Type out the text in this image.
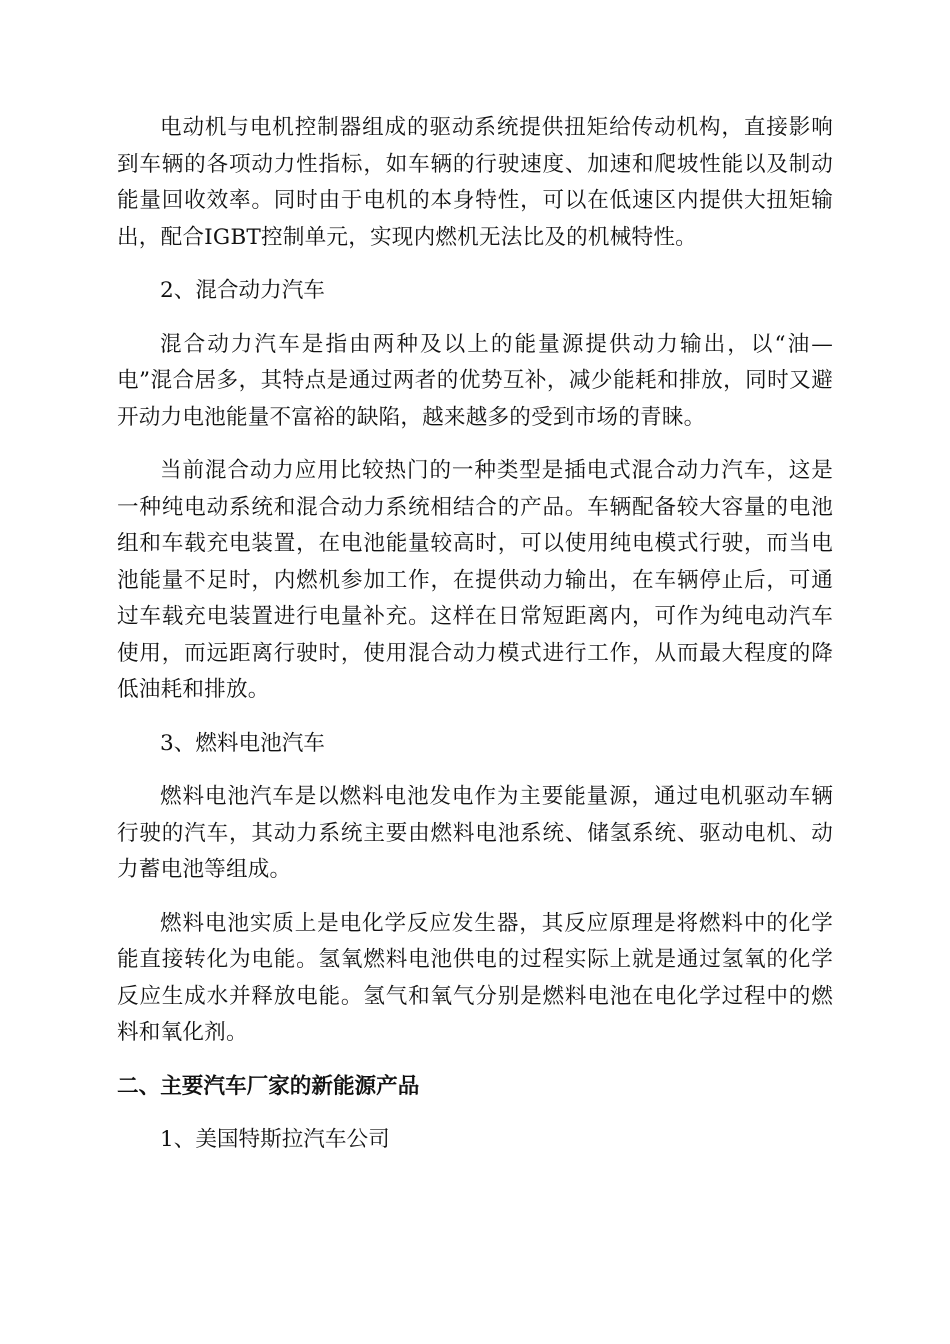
电动机与电机控制器组成的驱动系统提供扭矩给传动机构，直接影响到车辆的各项动力性指标，如车辆的行驶速度、加速和爬坡性能以及制动能量回收效率。同时由于电机的本身特性，可以在低速区内提供大扭矩输出，配合IGBT控制单元，实现内燃机无法比及的机械特性。

2、混合动力汽车

混合动力汽车是指由两种及以上的能量源提供动力输出，以“油—电”混合居多，其特点是通过两者的优势互补，减少能耗和排放，同时又避开动力电池能量不富裕的缺陷，越来越多的受到市场的青睐。

当前混合动力应用比较热门的一种类型是插电式混合动力汽车，这是一种纯电动系统和混合动力系统相结合的产品。车辆配备较大容量的电池组和车载充电装置，在电池能量较高时，可以使用纯电模式行驶，而当电池能量不足时，内燃机参加工作，在提供动力输出，在车辆停止后，可通过车载充电装置进行电量补充。这样在日常短距离内，可作为纯电动汽车使用，而远距离行驶时，使用混合动力模式进行工作，从而最大程度的降低油耗和排放。

3、燃料电池汽车

燃料电池汽车是以燃料电池发电作为主要能量源，通过电机驱动车辆行驶的汽车，其动力系统主要由燃料电池系统、储氢系统、驱动电机、动力蓄电池等组成。

燃料电池实质上是电化学反应发生器，其反应原理是将燃料中的化学能直接转化为电能。氢氧燃料电池供电的过程实际上就是通过氢氧的化学反应生成水并释放电能。氢气和氧气分别是燃料电池在电化学过程中的燃料和氧化剂。

二、主要汽车厂家的新能源产品

1、美国特斯拉汽车公司
